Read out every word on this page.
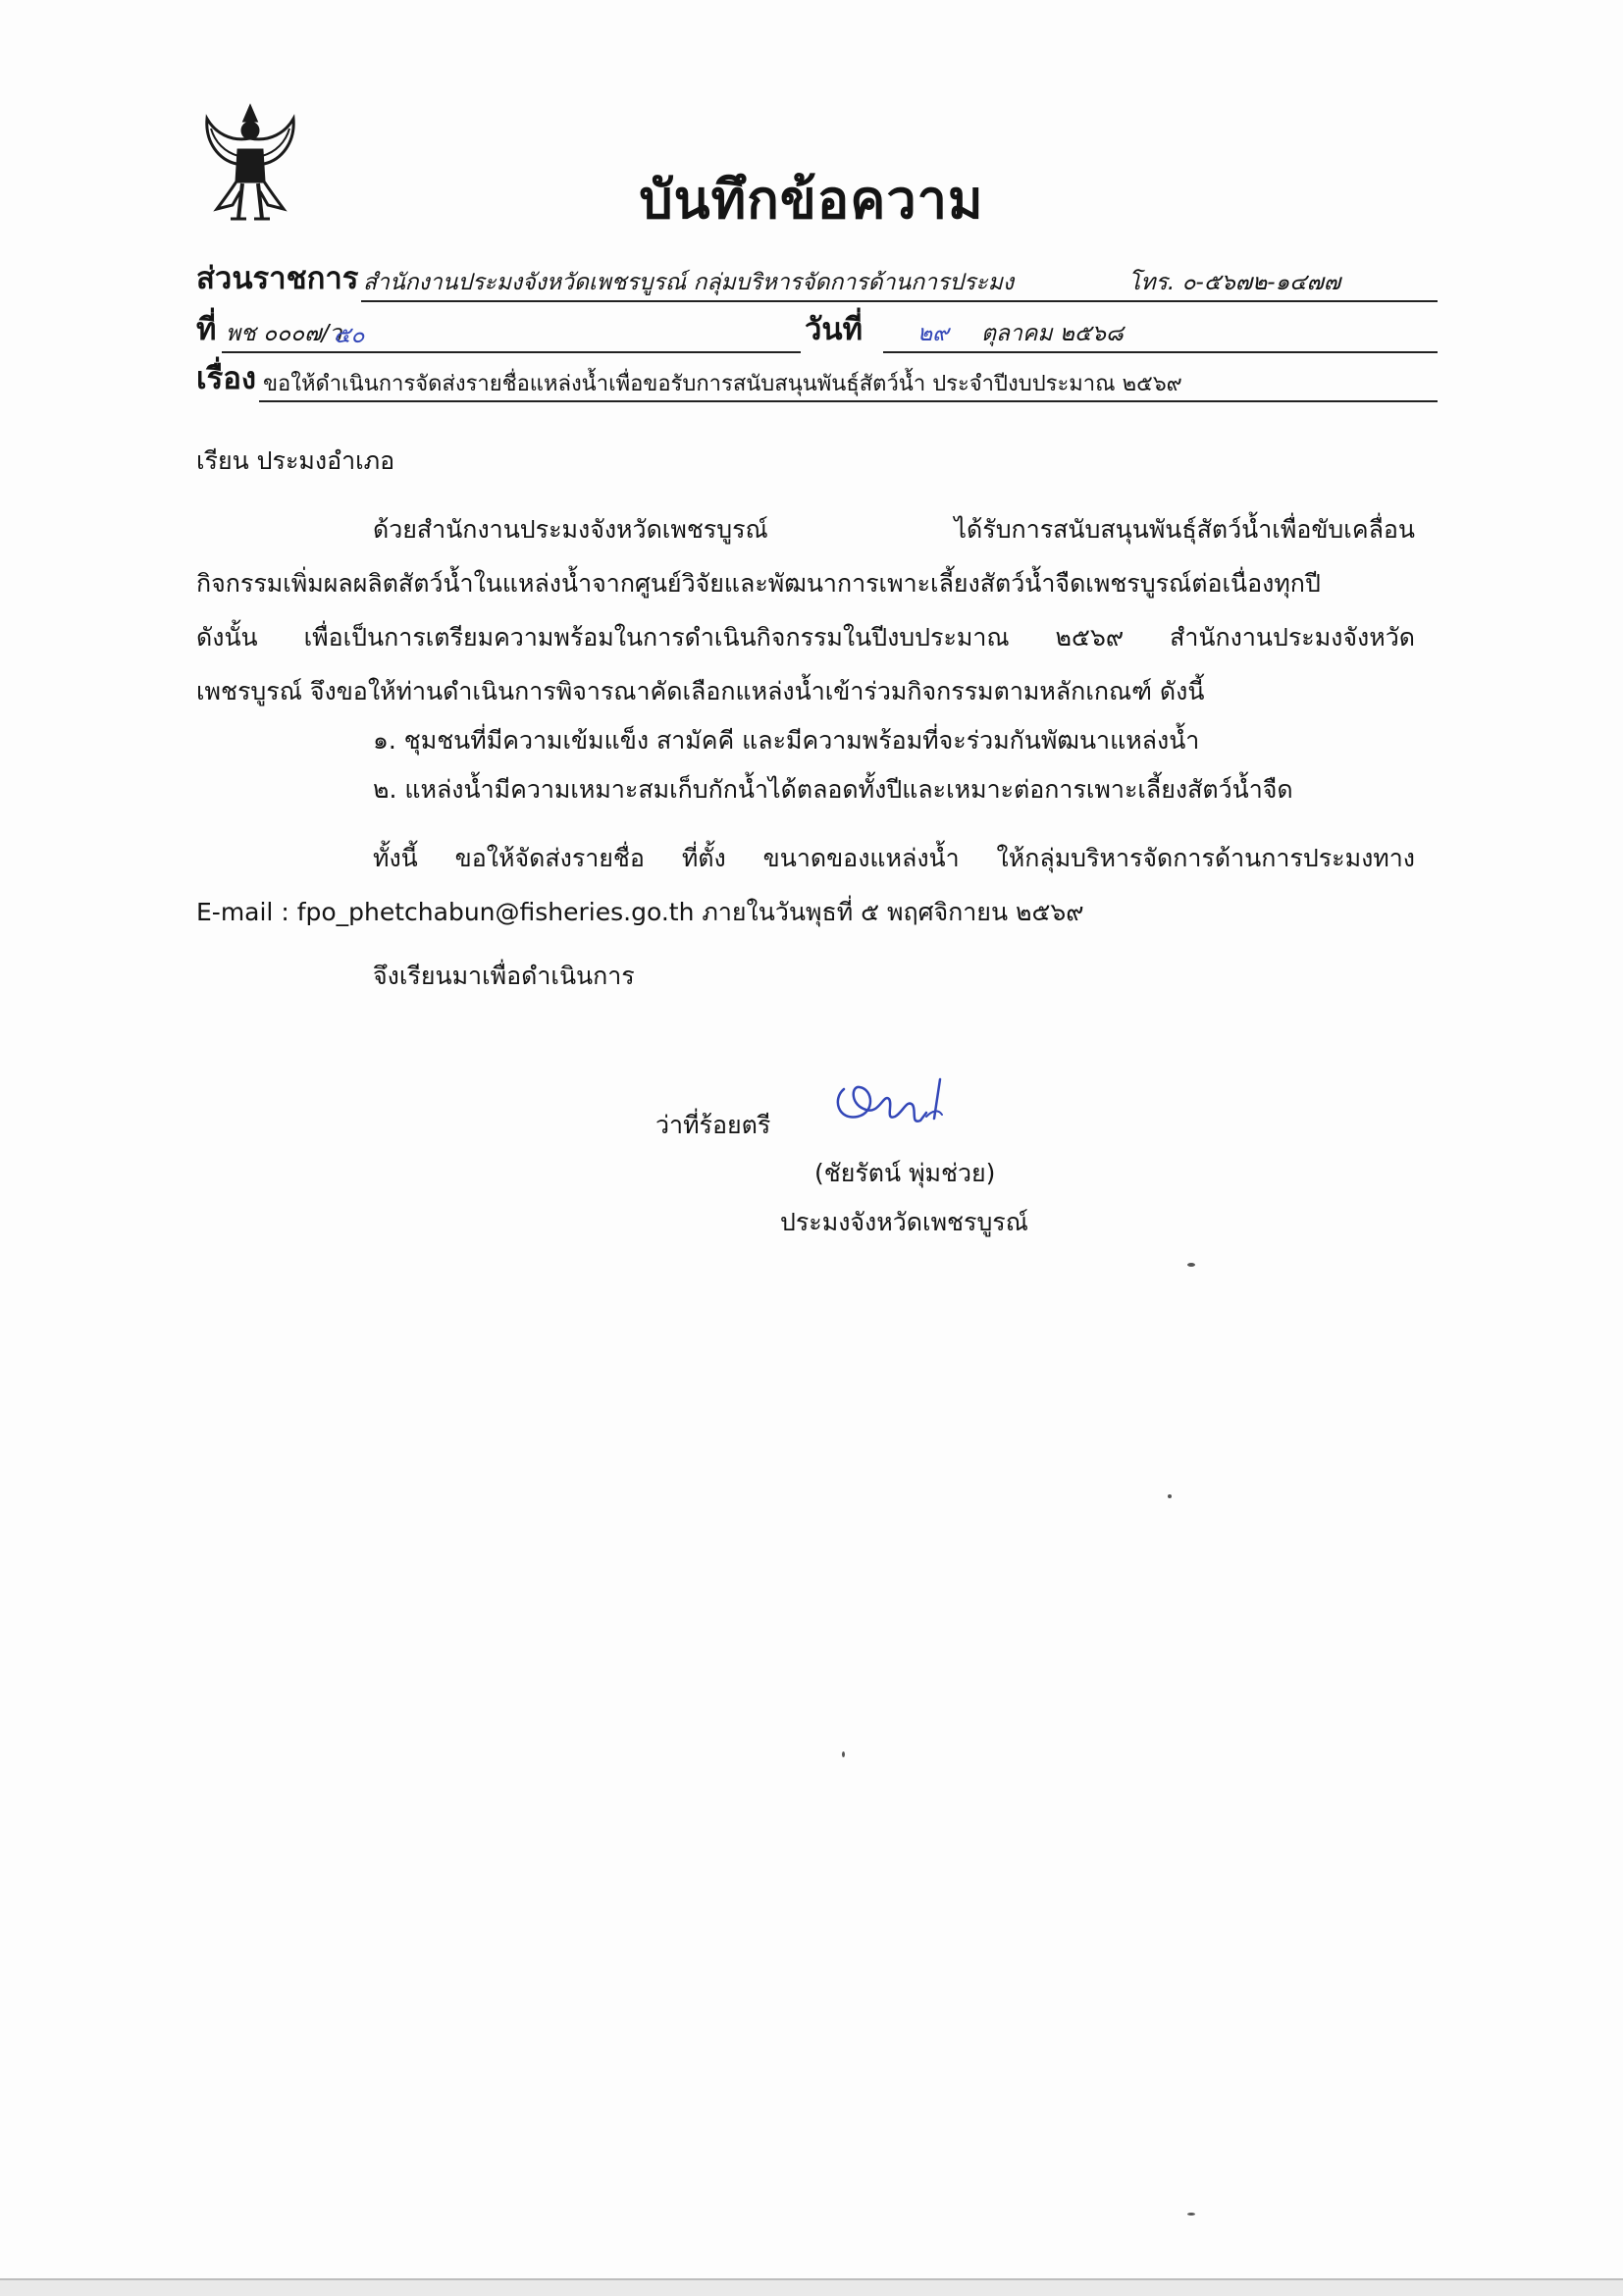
บันทึกข้อความ
ส่วนราชการ สำนักงานประมงจังหวัดเพชรบูรณ์ กลุ่มบริหารจัดการด้านการประมง	โทร. ๐-๕๖๗๒-๑๔๗๗
ที่ พช ๐๐๐๗/ว
๕๐	วันที่ ๒๙ ตุลาคม ๒๕๖๘
เรื่อง ขอให้ดำเนินการจัดส่งรายชื่อแหล่งน้ำเพื่อขอรับการสนับสนุนพันธุ์สัตว์น้ำ ประจำปีงบประมาณ ๒๕๖๙
เรียน ประมงอำเภอ
ด้วยสำนักงานประมงจังหวัดเพชรบูรณ์ ได้รับการสนับสนุนพันธุ์สัตว์น้ำเพื่อขับเคลื่อน
กิจกรรมเพิ่มผลผลิตสัตว์น้ำในแหล่งน้ำจากศูนย์วิจัยและพัฒนาการเพาะเลี้ยงสัตว์น้ำจืดเพชรบูรณ์ต่อเนื่องทุกปี
ดังนั้น เพื่อเป็นการเตรียมความพร้อมในการดำเนินกิจกรรมในปีงบประมาณ ๒๕๖๙ สำนักงานประมงจังหวัด
เพชรบูรณ์ จึงขอให้ท่านดำเนินการพิจารณาคัดเลือกแหล่งน้ำเข้าร่วมกิจกรรมตามหลักเกณฑ์ ดังนี้
๑. ชุมชนที่มีความเข้มแข็ง สามัคคี และมีความพร้อมที่จะร่วมกันพัฒนาแหล่งน้ำ
๒. แหล่งน้ำมีความเหมาะสมเก็บกักน้ำได้ตลอดทั้งปีและเหมาะต่อการเพาะเลี้ยงสัตว์น้ำจืด
ทั้งนี้ ขอให้จัดส่งรายชื่อ ที่ตั้ง ขนาดของแหล่งน้ำ ให้กลุ่มบริหารจัดการด้านการประมงทาง
E-mail : fpo_phetchabun@fisheries.go.th ภายในวันพุธที่ ๕ พฤศจิกายน ๒๕๖๙
จึงเรียนมาเพื่อดำเนินการ
ว่าที่ร้อยตรี
(ชัยรัตน์ พุ่มช่วย)
ประมงจังหวัดเพชรบูรณ์
